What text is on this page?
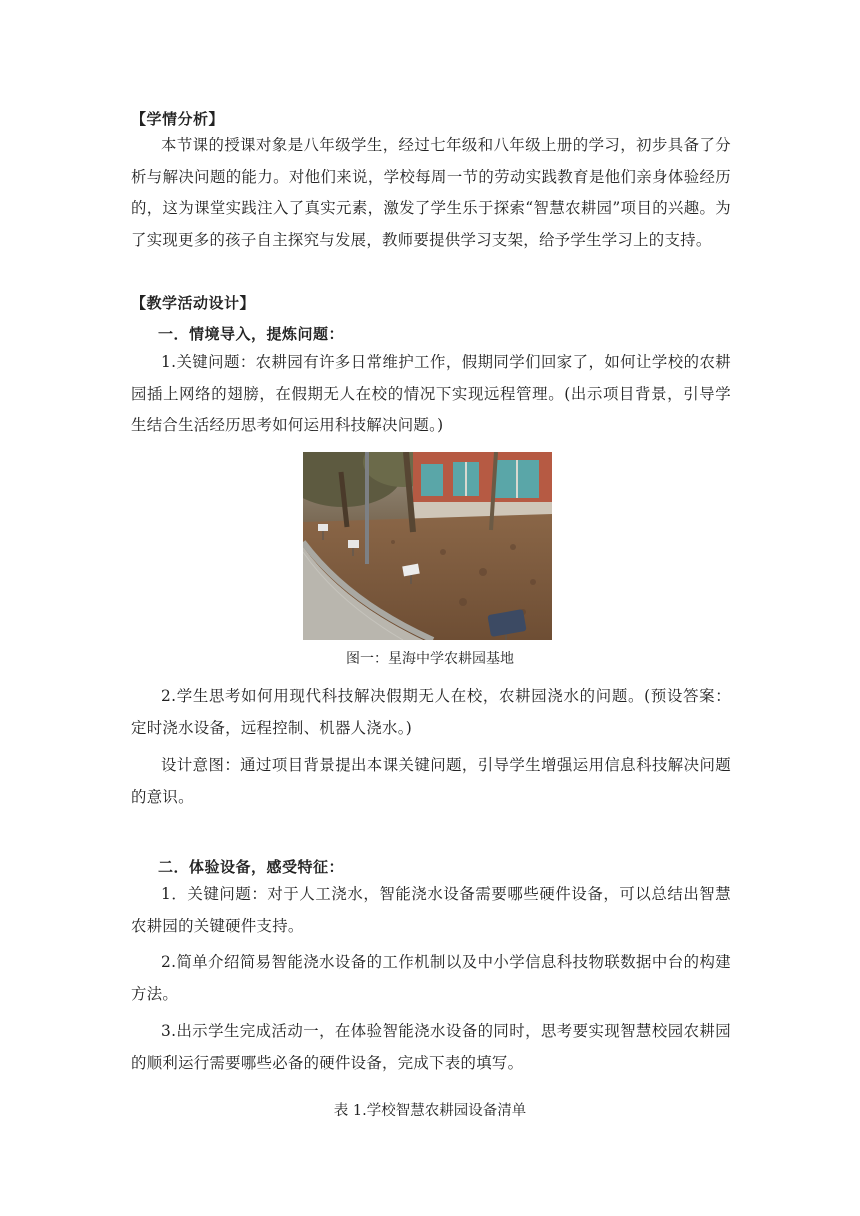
【学情分析】
本节课的授课对象是八年级学生，经过七年级和八年级上册的学习，初步具备了分析与解决问题的能力。对他们来说，学校每周一节的劳动实践教育是他们亲身体验经历的，这为课堂实践注入了真实元素，激发了学生乐于探索“智慧农耕园”项目的兴趣。为了实现更多的孩子自主探究与发展，教师要提供学习支架，给予学生学习上的支持。
【教学活动设计】
一．情境导入，提炼问题：
1.关键问题：农耕园有许多日常维护工作，假期同学们回家了，如何让学校的农耕园插上网络的翅膀，在假期无人在校的情况下实现远程管理。(出示项目背景，引导学生结合生活经历思考如何运用科技解决问题。)
图一：星海中学农耕园基地
2.学生思考如何用现代科技解决假期无人在校，农耕园浇水的问题。(预设答案：定时浇水设备，远程控制、机器人浇水。)
设计意图：通过项目背景提出本课关键问题，引导学生增强运用信息科技解决问题的意识。
二．体验设备，感受特征：
1．关键问题：对于人工浇水，智能浇水设备需要哪些硬件设备，可以总结出智慧农耕园的关键硬件支持。
2.简单介绍简易智能浇水设备的工作机制以及中小学信息科技物联数据中台的构建方法。
3.出示学生完成活动一，在体验智能浇水设备的同时，思考要实现智慧校园农耕园的顺利运行需要哪些必备的硬件设备，完成下表的填写。
表 1.学校智慧农耕园设备清单
